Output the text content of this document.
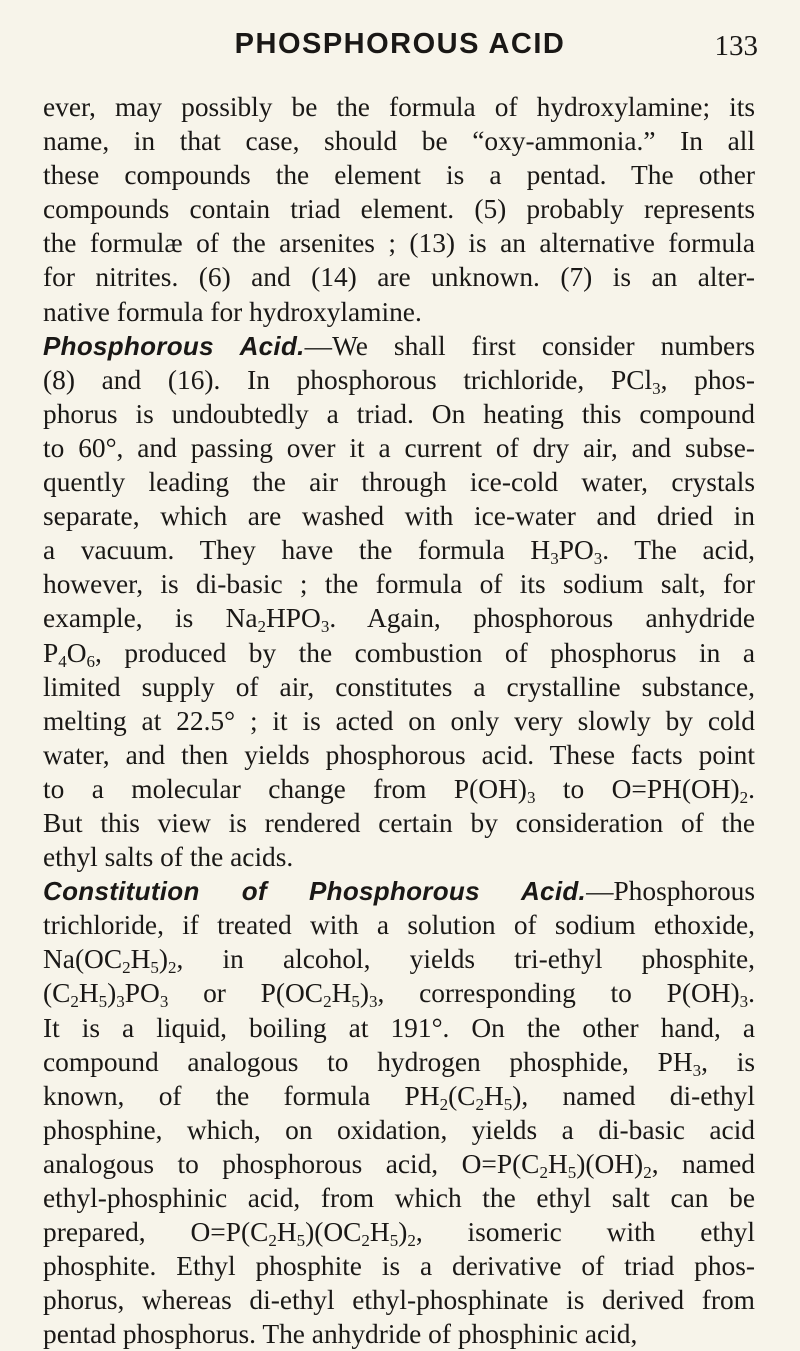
PHOSPHOROUS ACID	133
ever, may possibly be the formula of hydroxylamine; its
name, in that case, should be “oxy-ammonia.” In all
these compounds the element is a pentad. The other
compounds contain triad element. (5) probably represents
the formulæ of the arsenites ; (13) is an alternative formula
for nitrites. (6) and (14) are unknown. (7) is an alter-
native formula for hydroxylamine.
Phosphorous Acid.—We shall first consider numbers
(8) and (16). In phosphorous trichloride, PCl$_3$, phos-
phorus is undoubtedly a triad. On heating this compound
to 60°, and passing over it a current of dry air, and subse-
quently leading the air through ice-cold water, crystals
separate, which are washed with ice-water and dried in
a vacuum. They have the formula $H_3PO_3$. The acid,
however, is di-basic ; the formula of its sodium salt, for
example, is $Na_2HPO_3$. Again, phosphorous anhydride
$P_4O_6$, produced by the combustion of phosphorus in a
limited supply of air, constitutes a crystalline substance,
melting at 22.5° ; it is acted on only very slowly by cold
water, and then yields phosphorous acid. These facts point
to a molecular change from $P(OH)_3$ to $O=PH(OH)_2$.
But this view is rendered certain by consideration of the
ethyl salts of the acids.
Constitution of Phosphorous Acid.—Phosphorous
trichloride, if treated with a solution of sodium ethoxide,
$Na(OC_2H_5)_2$, in alcohol, yields tri-ethyl phosphite,
$(C_2H_5)_3PO_3$ or $P(OC_2H_5)_3$, corresponding to $P(OH)_3$.
It is a liquid, boiling at 191°. On the other hand, a
compound analogous to hydrogen phosphide, $PH_3$, is
known, of the formula $PH_2(C_2H_5)$, named di-ethyl
phosphine, which, on oxidation, yields a di-basic acid
analogous to phosphorous acid, $O=P(C_2H_5)(OH)_2$, named
ethyl-phosphinic acid, from which the ethyl salt can be
prepared, $O=P(C_2H_5)(OC_2H_5)_2$, isomeric with ethyl
phosphite. Ethyl phosphite is a derivative of triad phos-
phorus, whereas di-ethyl ethyl-phosphinate is derived from
pentad phosphorus. The anhydride of phosphinic acid,
